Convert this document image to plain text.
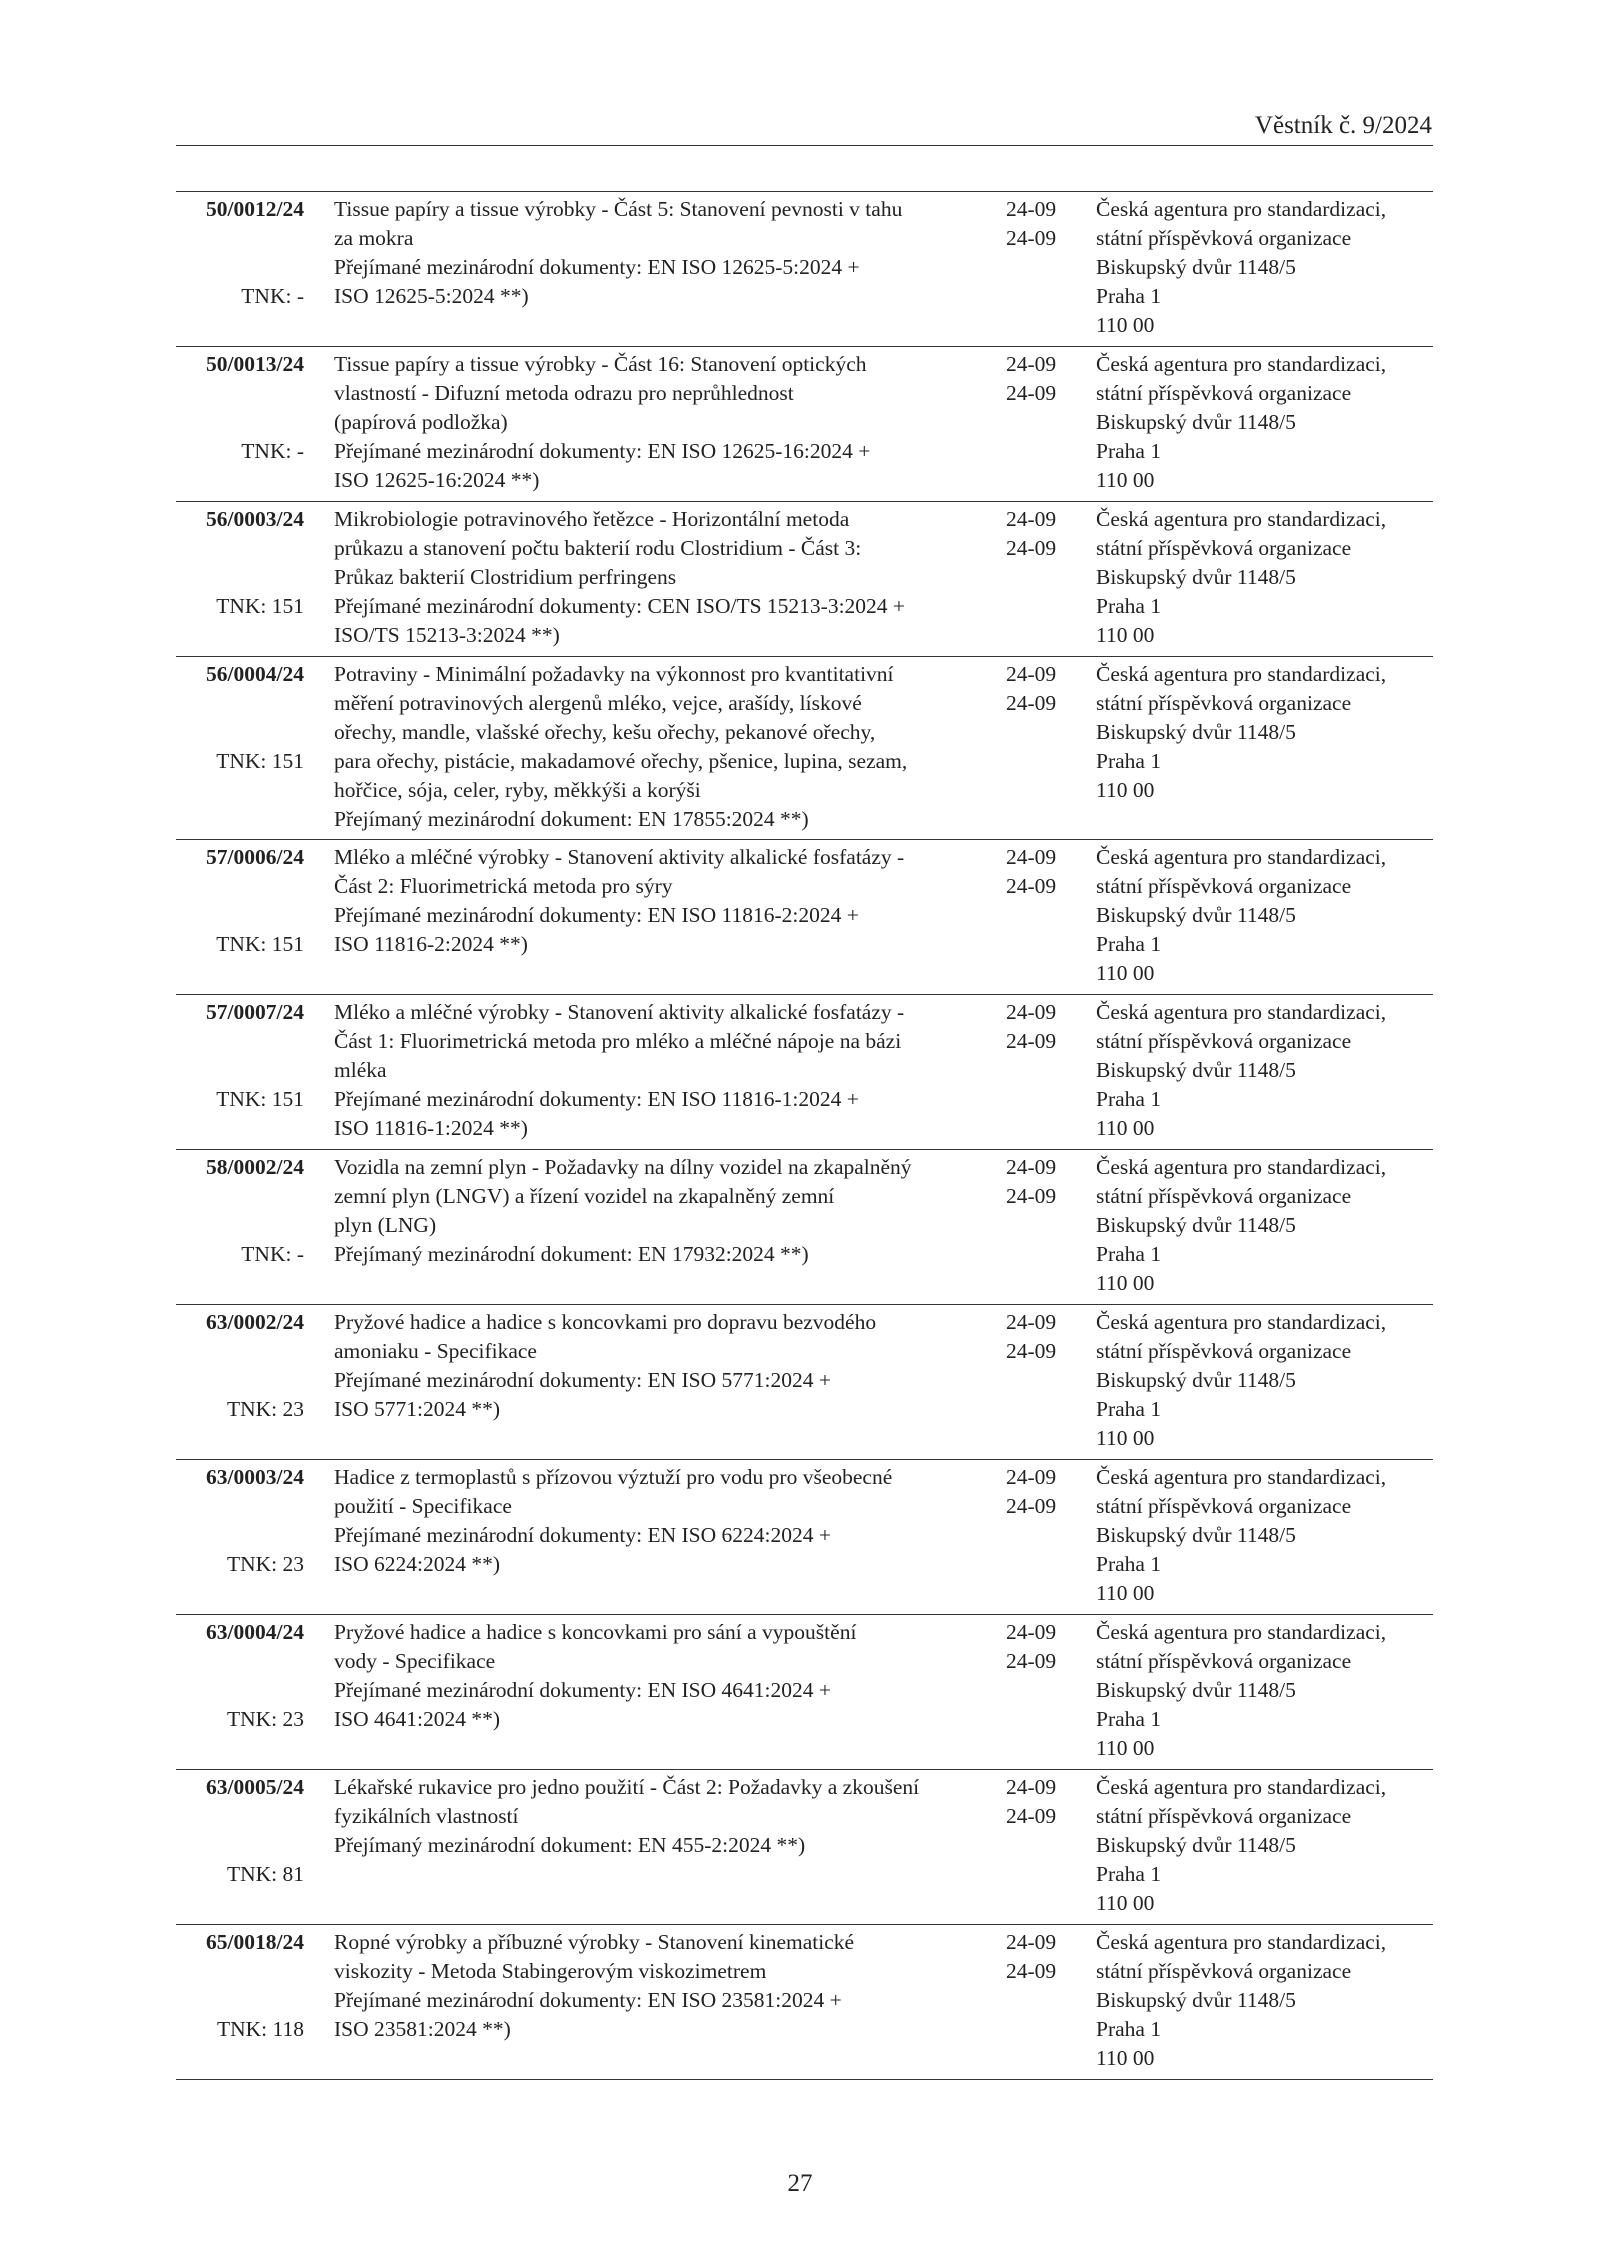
Věstník č. 9/2024
50/0012/24
TNK: -
Tissue papíry a tissue výrobky - Část 5: Stanovení pevnosti v tahu
za mokra
Přejímané mezinárodní dokumenty: EN ISO 12625-5:2024 +
ISO 12625-5:2024 **)
24-09
24-09
Česká agentura pro standardizaci,
státní příspěvková organizace
Biskupský dvůr 1148/5
Praha 1
110 00
50/0013/24
TNK: -
Tissue papíry a tissue výrobky - Část 16: Stanovení optických
vlastností - Difuzní metoda odrazu pro neprůhlednost
(papírová podložka)
Přejímané mezinárodní dokumenty: EN ISO 12625-16:2024 +
ISO 12625-16:2024 **)
24-09
24-09
Česká agentura pro standardizaci,
státní příspěvková organizace
Biskupský dvůr 1148/5
Praha 1
110 00
56/0003/24
TNK: 151
Mikrobiologie potravinového řetězce - Horizontální metoda
průkazu a stanovení počtu bakterií rodu Clostridium - Část 3:
Průkaz bakterií Clostridium perfringens
Přejímané mezinárodní dokumenty: CEN ISO/TS 15213-3:2024 +
ISO/TS 15213-3:2024 **)
24-09
24-09
Česká agentura pro standardizaci,
státní příspěvková organizace
Biskupský dvůr 1148/5
Praha 1
110 00
56/0004/24
TNK: 151
Potraviny - Minimální požadavky na výkonnost pro kvantitativní
měření potravinových alergenů mléko, vejce, arašídy, lískové
ořechy, mandle, vlašské ořechy, kešu ořechy, pekanové ořechy,
para ořechy, pistácie, makadamové ořechy, pšenice, lupina, sezam,
hořčice, sója, celer, ryby, měkkýši a korýši
Přejímaný mezinárodní dokument: EN 17855:2024 **)
24-09
24-09
Česká agentura pro standardizaci,
státní příspěvková organizace
Biskupský dvůr 1148/5
Praha 1
110 00
57/0006/24
TNK: 151
Mléko a mléčné výrobky - Stanovení aktivity alkalické fosfatázy -
Část 2: Fluorimetrická metoda pro sýry
Přejímané mezinárodní dokumenty: EN ISO 11816-2:2024 +
ISO 11816-2:2024 **)
24-09
24-09
Česká agentura pro standardizaci,
státní příspěvková organizace
Biskupský dvůr 1148/5
Praha 1
110 00
57/0007/24
TNK: 151
Mléko a mléčné výrobky - Stanovení aktivity alkalické fosfatázy -
Část 1: Fluorimetrická metoda pro mléko a mléčné nápoje na bázi
mléka
Přejímané mezinárodní dokumenty: EN ISO 11816-1:2024 +
ISO 11816-1:2024 **)
24-09
24-09
Česká agentura pro standardizaci,
státní příspěvková organizace
Biskupský dvůr 1148/5
Praha 1
110 00
58/0002/24
TNK: -
Vozidla na zemní plyn - Požadavky na dílny vozidel na zkapalněný
zemní plyn (LNGV) a řízení vozidel na zkapalněný zemní
plyn (LNG)
Přejímaný mezinárodní dokument: EN 17932:2024 **)
24-09
24-09
Česká agentura pro standardizaci,
státní příspěvková organizace
Biskupský dvůr 1148/5
Praha 1
110 00
63/0002/24
TNK: 23
Pryžové hadice a hadice s koncovkami pro dopravu bezvodého
amoniaku - Specifikace
Přejímané mezinárodní dokumenty: EN ISO 5771:2024 +
ISO 5771:2024 **)
24-09
24-09
Česká agentura pro standardizaci,
státní příspěvková organizace
Biskupský dvůr 1148/5
Praha 1
110 00
63/0003/24
TNK: 23
Hadice z termoplastů s přízovou výztuží pro vodu pro všeobecné
použití - Specifikace
Přejímané mezinárodní dokumenty: EN ISO 6224:2024 +
ISO 6224:2024 **)
24-09
24-09
Česká agentura pro standardizaci,
státní příspěvková organizace
Biskupský dvůr 1148/5
Praha 1
110 00
63/0004/24
TNK: 23
Pryžové hadice a hadice s koncovkami pro sání a vypouštění
vody - Specifikace
Přejímané mezinárodní dokumenty: EN ISO 4641:2024 +
ISO 4641:2024 **)
24-09
24-09
Česká agentura pro standardizaci,
státní příspěvková organizace
Biskupský dvůr 1148/5
Praha 1
110 00
63/0005/24
TNK: 81
Lékařské rukavice pro jedno použití - Část 2: Požadavky a zkoušení
fyzikálních vlastností
Přejímaný mezinárodní dokument: EN 455-2:2024 **)
24-09
24-09
Česká agentura pro standardizaci,
státní příspěvková organizace
Biskupský dvůr 1148/5
Praha 1
110 00
65/0018/24
TNK: 118
Ropné výrobky a příbuzné výrobky - Stanovení kinematické
viskozity - Metoda Stabingerovým viskozimetrem
Přejímané mezinárodní dokumenty: EN ISO 23581:2024 +
ISO 23581:2024 **)
24-09
24-09
Česká agentura pro standardizaci,
státní příspěvková organizace
Biskupský dvůr 1148/5
Praha 1
110 00
27
